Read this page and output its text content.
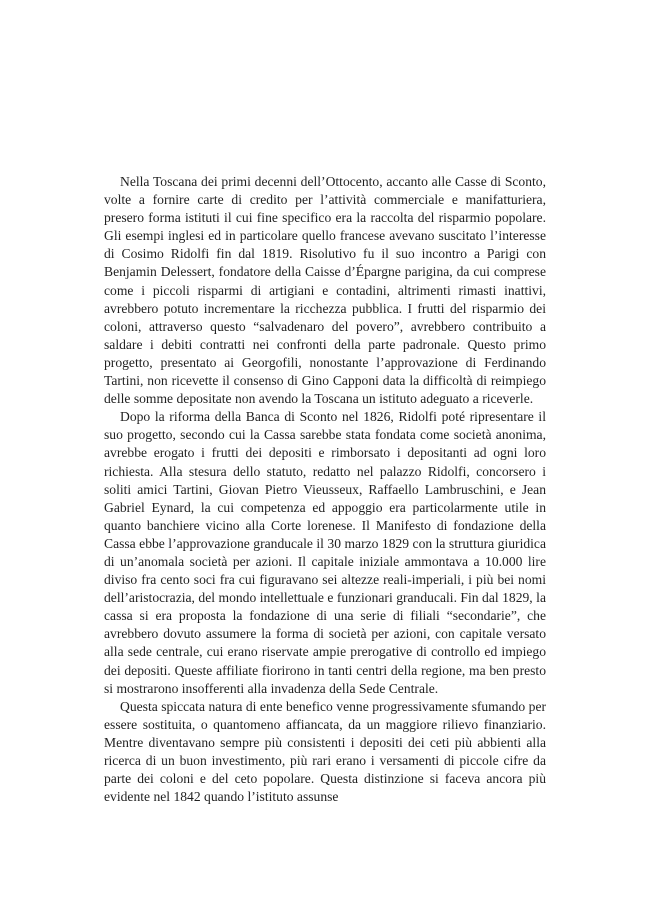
Nella Toscana dei primi decenni dell’Ottocento, accanto alle Casse di Sconto, volte a fornire carte di credito per l’attività commerciale e manifatturiera, presero forma istituti il cui fine specifico era la raccolta del risparmio popolare. Gli esempi inglesi ed in particolare quello francese avevano suscitato l’interesse di Cosimo Ridolfi fin dal 1819. Risolutivo fu il suo incontro a Parigi con Benjamin Delessert, fondatore della Caisse d’Épargne parigina, da cui comprese come i piccoli risparmi di artigiani e contadini, altrimenti rimasti inattivi, avrebbero potuto incrementare la ricchezza pubblica. I frutti del risparmio dei coloni, attraverso questo “salvadenaro del povero”, avrebbero contribuito a saldare i debiti contratti nei confronti della parte padronale. Questo primo progetto, presentato ai Georgofili, nonostante l’approvazione di Ferdinando Tartini, non ricevette il consenso di Gino Capponi data la difficoltà di reimpiego delle somme depositate non avendo la Toscana un istituto adeguato a riceverle.

Dopo la riforma della Banca di Sconto nel 1826, Ridolfi poté ripresentare il suo progetto, secondo cui la Cassa sarebbe stata fondata come società anonima, avrebbe erogato i frutti dei depositi e rimborsato i depositanti ad ogni loro richiesta. Alla stesura dello statuto, redatto nel palazzo Ridolfi, concorsero i soliti amici Tartini, Giovan Pietro Vieusseux, Raffaello Lambruschini, e Jean Gabriel Eynard, la cui competenza ed appoggio era particolarmente utile in quanto banchiere vicino alla Corte lorenese. Il Manifesto di fondazione della Cassa ebbe l’approvazione granducale il 30 marzo 1829 con la struttura giuridica di un’anomala società per azioni. Il capitale iniziale ammontava a 10.000 lire diviso fra cento soci fra cui figuravano sei altezze reali-imperiali, i più bei nomi dell’aristocrazia, del mondo intellettuale e funzionari granducali. Fin dal 1829, la cassa si era proposta la fondazione di una serie di filiali “secondarie”, che avrebbero dovuto assumere la forma di società per azioni, con capitale versato alla sede centrale, cui erano riservate ampie prerogative di controllo ed impiego dei depositi. Queste affiliate fiorirono in tanti centri della regione, ma ben presto si mostrarono insofferenti alla invadenza della Sede Centrale.

Questa spiccata natura di ente benefico venne progressivamente sfumando per essere sostituita, o quantomeno affiancata, da un maggiore rilievo finanziario. Mentre diventavano sempre più consistenti i depositi dei ceti più abbienti alla ricerca di un buon investimento, più rari erano i versamenti di piccole cifre da parte dei coloni e del ceto popolare. Questa distinzione si faceva ancora più evidente nel 1842 quando l’istituto assunse
